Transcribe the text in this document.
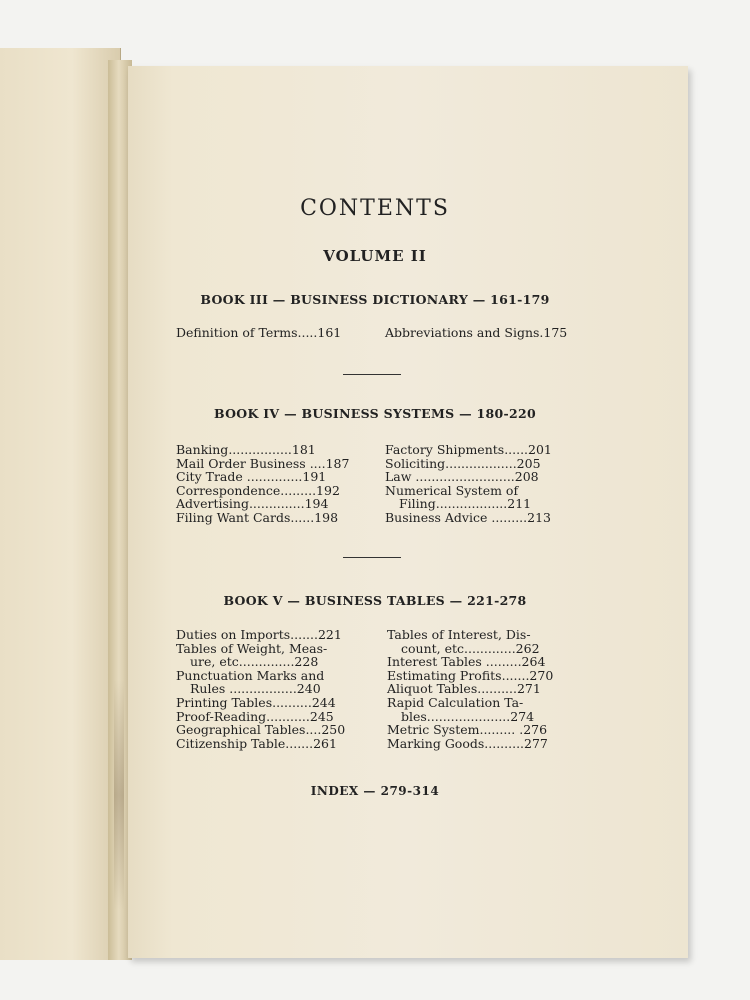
CONTENTS
VOLUME II
BOOK III — BUSINESS DICTIONARY — 161-179
Definition of Terms.....161	Abbreviations and Signs.175
BOOK IV — BUSINESS SYSTEMS — 180-220
Banking................181
Mail Order Business ....187
City Trade ..............191
Correspondence.........192
Advertising..............194
Filing Want Cards......198
Factory Shipments......201
Soliciting..................205
Law .........................208
Numerical System of
Filing..................211
Business Advice .........213
BOOK V — BUSINESS TABLES — 221-278
Duties on Imports.......221
Tables of Weight, Meas-
ure, etc..............228
Punctuation Marks and
Rules .................240
Printing Tables..........244
Proof-Reading...........245
Geographical Tables....250
Citizenship Table.......261
Tables of Interest, Dis-
count, etc.............262
Interest Tables .........264
Estimating Profits.......270
Aliquot Tables..........271
Rapid Calculation Ta-
bles.....................274
Metric System......... .276
Marking Goods..........277
INDEX — 279-314
